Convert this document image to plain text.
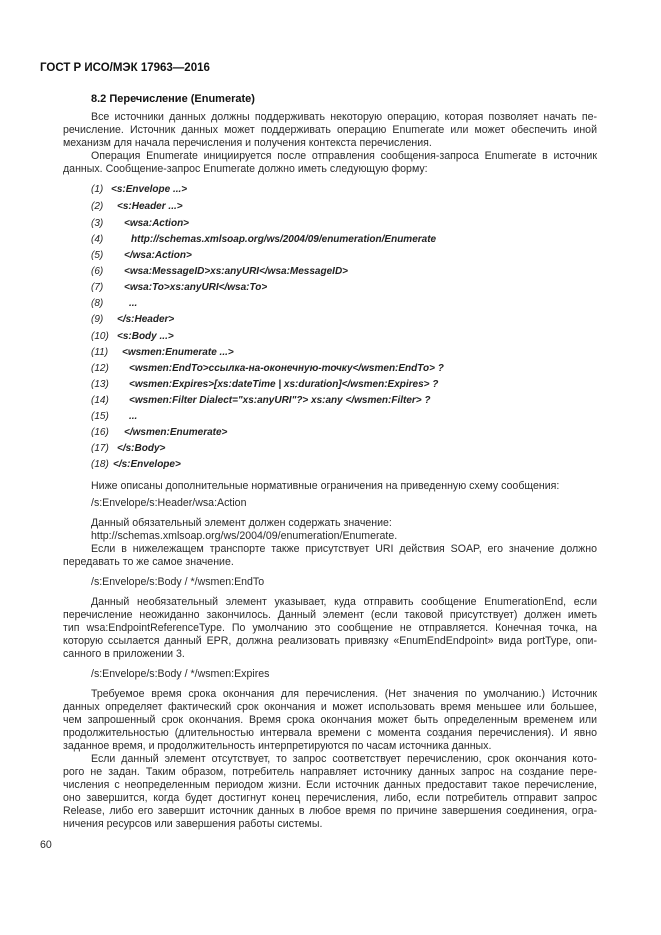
ГОСТ Р ИСО/МЭК 17963—2016
8.2 Перечисление (Enumerate)
Все источники данных должны поддерживать некоторую операцию, которая позволяет начать пе-
речисление. Источник данных может поддерживать операцию Enumerate или может обеспечить иной
механизм для начала перечисления и получения контекста перечисления.
Операция Enumerate инициируется после отправления сообщения-запроса Enumerate в источник
данных. Сообщение-запрос Enumerate должно иметь следующую форму:
(1) <s:Envelope ...>
(2) <s:Header ...>
(3) <wsa:Action>
(4)	http://schemas.xmlsoap.org/ws/2004/09/enumeration/Enumerate
(5) </wsa:Action>
(6) <wsa:MessageID>xs:anyURI</wsa:MessageID>
(7) <wsa:To>xs:anyURI</wsa:To>
(8)	...
(9) </s:Header>
(10) <s:Body ...>
(11) <wsmen:Enumerate ...>
(12) <wsmen:EndTo>ссылка-на-оконечную-точку</wsmen:EndTo> ?
(13) <wsmen:Expires>[xs:dateTime | xs:duration]</wsmen:Expires> ?
(14) <wsmen:Filter Dialect="xs:anyURI"?> xs:any </wsmen:Filter> ?
(15) ...
(16) </wsmen:Enumerate>
(17) </s:Body>
(18) </s:Envelope>
Ниже описаны дополнительные нормативные ограничения на приведенную схему сообщения:
/s:Envelope/s:Header/wsa:Action
Данный обязательный элемент должен содержать значение:
http://schemas.xmlsoap.org/ws/2004/09/enumeration/Enumerate.
Если в нижележащем транспорте также присутствует URI действия SOAP, его значение должно
передавать то же самое значение.
/s:Envelope/s:Body / */wsmen:EndTo
Данный необязательный элемент указывает, куда отправить сообщение EnumerationEnd, если
перечисление неожиданно закончилось. Данный элемент (если таковой присутствует) должен иметь
тип wsa:EndpointReferenceType. По умолчанию это сообщение не отправляется. Конечная точка, на
которую ссылается данный EPR, должна реализовать привязку «EnumEndEndpoint» вида portType, опи-
санного в приложении 3.
/s:Envelope/s:Body / */wsmen:Expires
Требуемое время срока окончания для перечисления. (Нет значения по умолчанию.) Источник
данных определяет фактический срок окончания и может использовать время меньшее или большее,
чем запрошенный срок окончания. Время срока окончания может быть определенным временем или
продолжительностью (длительностью интервала времени с момента создания перечисления). И явно
заданное время, и продолжительность интерпретируются по часам источника данных.
Если данный элемент отсутствует, то запрос соответствует перечислению, срок окончания кото-
рого не задан. Таким образом, потребитель направляет источнику данных запрос на создание пере-
числения с неопределенным периодом жизни. Если источник данных предоставит такое перечисление,
оно завершится, когда будет достигнут конец перечисления, либо, если потребитель отправит запрос
Release, либо его завершит источник данных в любое время по причине завершения соединения, огра-
ничения ресурсов или завершения работы системы.
60
